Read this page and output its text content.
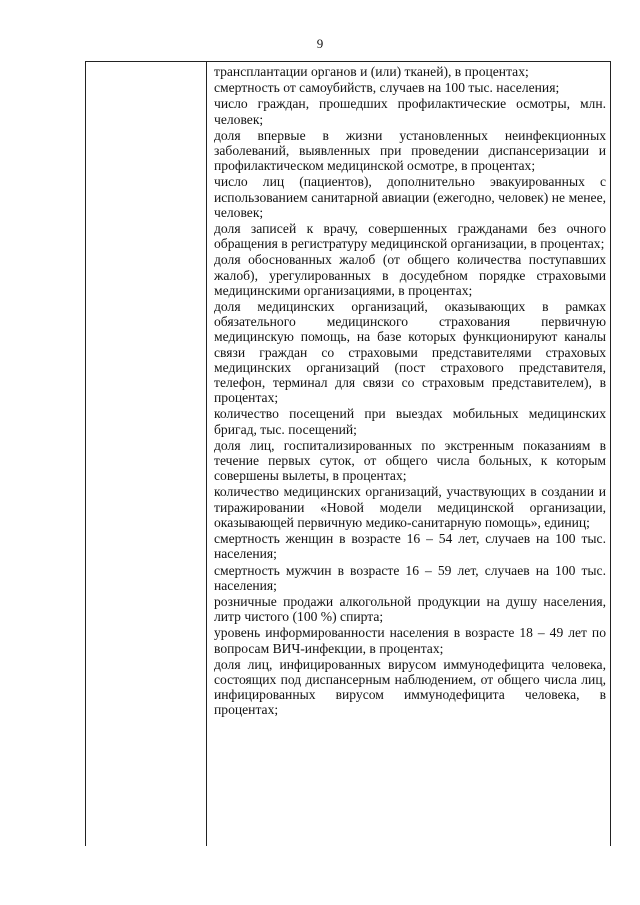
9

трансплантации органов и (или) тканей), в процентах;

смертность от самоубийств, случаев на 100 тыс. населения;

число граждан, прошедших профилактические осмотры, млн. человек;

доля впервые в жизни установленных неинфекционных заболеваний, выявленных при проведении диспансеризации и профилактическом медицинской осмотре, в процентах;

число лиц (пациентов), дополнительно эвакуированных с использованием санитарной авиации (ежегодно, человек) не менее, человек;

доля записей к врачу, совершенных гражданами без очного обращения в регистратуру медицинской организации, в процентах;

доля обоснованных жалоб (от общего количества поступавших жалоб), урегулированных в досудебном порядке страховыми медицинскими организациями, в процентах;

доля медицинских организаций, оказывающих в рамках обязательного медицинского страхования первичную медицинскую помощь, на базе которых функционируют каналы связи граждан со страховыми представителями страховых медицинских организаций (пост страхового представителя, телефон, терминал для связи со страховым представителем), в процентах;

количество посещений при выездах мобильных медицинских бригад, тыс. посещений;

доля лиц, госпитализированных по экстренным показаниям в течение первых суток, от общего числа больных, к которым совершены вылеты, в процентах;

количество медицинских организаций, участвующих в создании и тиражировании «Новой модели медицинской организации, оказывающей первичную медико-санитарную помощь», единиц;

смертность женщин в возрасте 16 – 54 лет, случаев на 100 тыс. населения;

смертность мужчин в возрасте 16 – 59 лет, случаев на 100 тыс. населения;

розничные продажи алкогольной продукции на душу населения, литр чистого (100 %) спирта;

уровень информированности населения в возрасте 18 – 49 лет по вопросам ВИЧ-инфекции, в процентах;

доля лиц, инфицированных вирусом иммунодефицита человека, состоящих под диспансерным наблюдением, от общего числа лиц, инфицированных вирусом иммунодефицита человека, в процентах;
